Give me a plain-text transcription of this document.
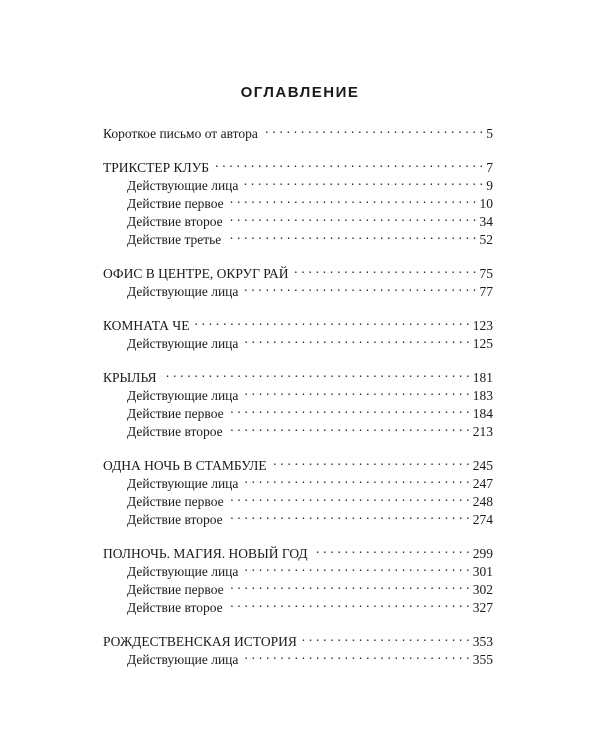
ОГЛАВЛЕНИЕ
Короткое письмо от автора . . .	5
ТРИКСТЕР КЛУБ . . .	7
Действующие лица . . .	9
Действие первое . . .	10
Действие второе . . .	34
Действие третье . . .	52
ОФИС В ЦЕНТРЕ, ОКРУГ РАЙ . . .	75
Действующие лица . . .	77
КОМНАТА ЧЕ . . .	123
Действующие лица . . .	125
КРЫЛЬЯ . . .	181
Действующие лица . . .	183
Действие первое . . .	184
Действие второе . . .	213
ОДНА НОЧЬ В СТАМБУЛЕ . . .	245
Действующие лица . . .	247
Действие первое . . .	248
Действие второе . . .	274
ПОЛНОЧЬ. МАГИЯ. НОВЫЙ ГОД . . .	299
Действующие лица . . .	301
Действие первое . . .	302
Действие второе . . .	327
РОЖДЕСТВЕНСКАЯ ИСТОРИЯ . . .	353
Действующие лица . . .	355
